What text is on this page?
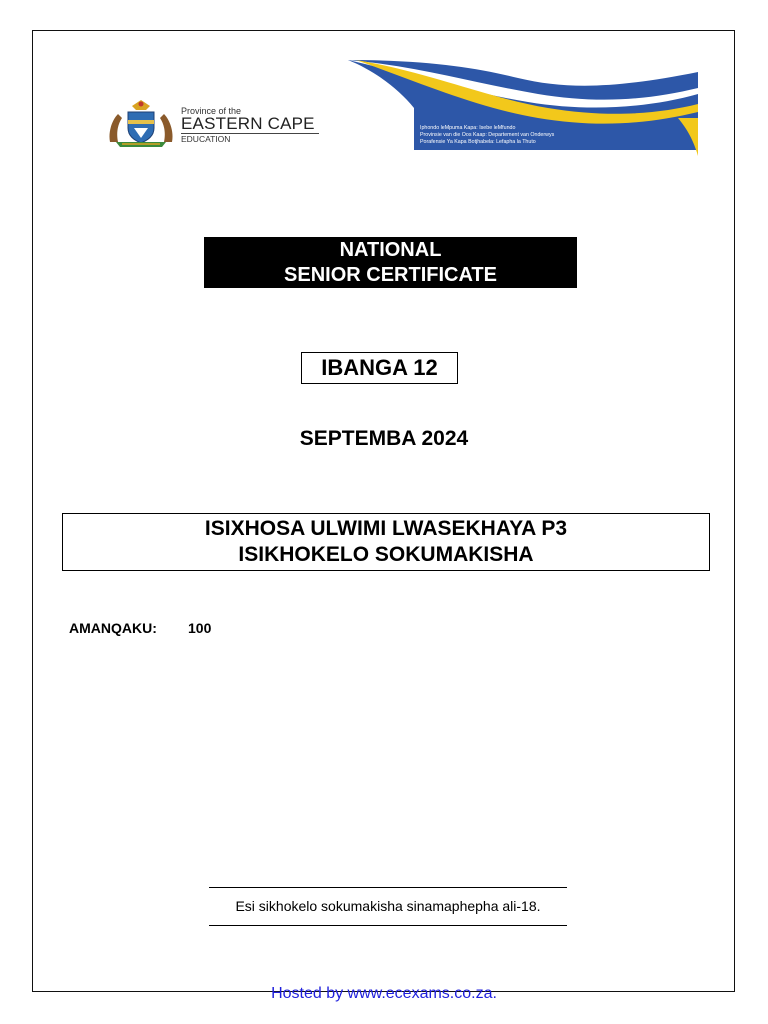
Province of the
EASTERN CAPE
EDUCATION
Iphondo leMpuma Kapa: Isebe leMfundo
Provinsie van die Oos Kaap: Departement van Onderwys
Porafensie Ya Kapa Botjhabela: Lefapha la Thuto
NATIONAL
SENIOR CERTIFICATE
IBANGA 12
SEPTEMBA 2024
ISIXHOSA ULWIMI LWASEKHAYA P3
ISIKHOKELO SOKUMAKISHA
AMANQAKU: 100
Esi sikhokelo sokumakisha sinamaphepha ali-18.
Hosted by www.ecexams.co.za.
